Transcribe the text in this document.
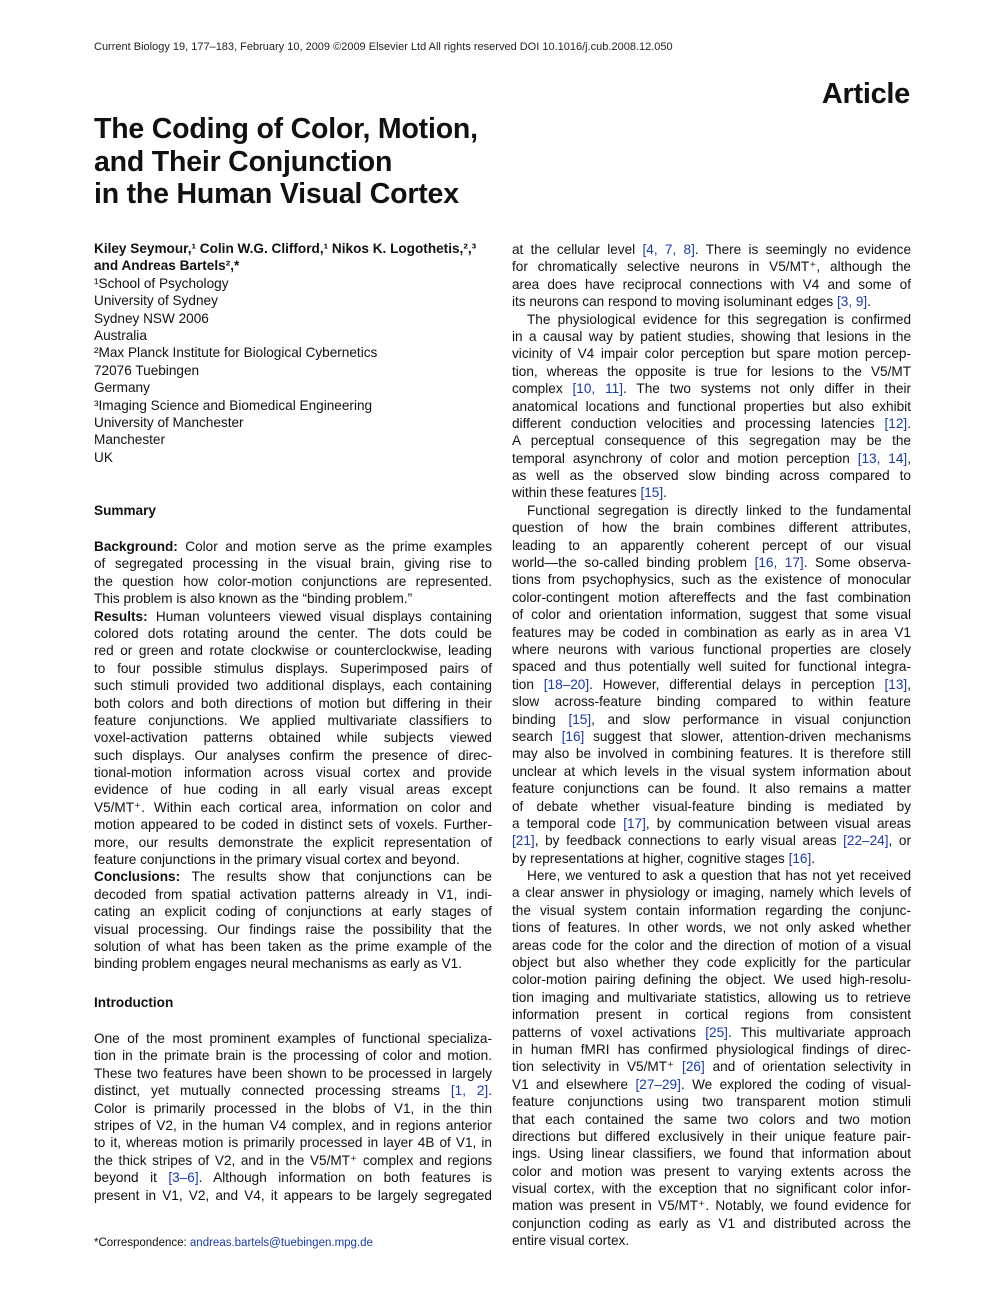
Current Biology 19, 177–183, February 10, 2009 ©2009 Elsevier Ltd All rights reserved DOI 10.1016/j.cub.2008.12.050
Article
The Coding of Color, Motion,
and Their Conjunction
in the Human Visual Cortex
Kiley Seymour,¹ Colin W.G. Clifford,¹ Nikos K. Logothetis,²,³
and Andreas Bartels²,*
¹School of Psychology
University of Sydney
Sydney NSW 2006
Australia
²Max Planck Institute for Biological Cybernetics
72076 Tuebingen
Germany
³Imaging Science and Biomedical Engineering
University of Manchester
Manchester
UK
Summary

Background: Color and motion serve as the prime examples

of segregated processing in the visual brain, giving rise to

the question how color-motion conjunctions are represented.

This problem is also known as the “binding problem.”

Results: Human volunteers viewed visual displays containing

colored dots rotating around the center. The dots could be

red or green and rotate clockwise or counterclockwise, leading

to four possible stimulus displays. Superimposed pairs of

such stimuli provided two additional displays, each containing

both colors and both directions of motion but differing in their

feature conjunctions. We applied multivariate classifiers to

voxel-activation patterns obtained while subjects viewed

such displays. Our analyses confirm the presence of direc-

tional-motion information across visual cortex and provide

evidence of hue coding in all early visual areas except

V5/MT⁺. Within each cortical area, information on color and

motion appeared to be coded in distinct sets of voxels. Further-

more, our results demonstrate the explicit representation of

feature conjunctions in the primary visual cortex and beyond.

Conclusions: The results show that conjunctions can be

decoded from spatial activation patterns already in V1, indi-

cating an explicit coding of conjunctions at early stages of

visual processing. Our findings raise the possibility that the

solution of what has been taken as the prime example of the

binding problem engages neural mechanisms as early as V1.

Introduction

One of the most prominent examples of functional specializa-

tion in the primate brain is the processing of color and motion.

These two features have been shown to be processed in largely

distinct, yet mutually connected processing streams [1, 2].

Color is primarily processed in the blobs of V1, in the thin

stripes of V2, in the human V4 complex, and in regions anterior

to it, whereas motion is primarily processed in layer 4B of V1, in

the thick stripes of V2, and in the V5/MT⁺ complex and regions

beyond it [3–6]. Although information on both features is

present in V1, V2, and V4, it appears to be largely segregated

at the cellular level [4, 7, 8]. There is seemingly no evidence

for chromatically selective neurons in V5/MT⁺, although the

area does have reciprocal connections with V4 and some of

its neurons can respond to moving isoluminant edges [3, 9].

The physiological evidence for this segregation is confirmed

in a causal way by patient studies, showing that lesions in the

vicinity of V4 impair color perception but spare motion percep-

tion, whereas the opposite is true for lesions to the V5/MT

complex [10, 11]. The two systems not only differ in their

anatomical locations and functional properties but also exhibit

different conduction velocities and processing latencies [12].

A perceptual consequence of this segregation may be the

temporal asynchrony of color and motion perception [13, 14],

as well as the observed slow binding across compared to

within these features [15].

Functional segregation is directly linked to the fundamental

question of how the brain combines different attributes,

leading to an apparently coherent percept of our visual

world—the so-called binding problem [16, 17]. Some observa-

tions from psychophysics, such as the existence of monocular

color-contingent motion aftereffects and the fast combination

of color and orientation information, suggest that some visual

features may be coded in combination as early as in area V1

where neurons with various functional properties are closely

spaced and thus potentially well suited for functional integra-

tion [18–20]. However, differential delays in perception [13],

slow across-feature binding compared to within feature

binding [15], and slow performance in visual conjunction

search [16] suggest that slower, attention-driven mechanisms

may also be involved in combining features. It is therefore still

unclear at which levels in the visual system information about

feature conjunctions can be found. It also remains a matter

of debate whether visual-feature binding is mediated by

a temporal code [17], by communication between visual areas

[21], by feedback connections to early visual areas [22–24], or

by representations at higher, cognitive stages [16].

Here, we ventured to ask a question that has not yet received

a clear answer in physiology or imaging, namely which levels of

the visual system contain information regarding the conjunc-

tions of features. In other words, we not only asked whether

areas code for the color and the direction of motion of a visual

object but also whether they code explicitly for the particular

color-motion pairing defining the object. We used high-resolu-

tion imaging and multivariate statistics, allowing us to retrieve

information present in cortical regions from consistent

patterns of voxel activations [25]. This multivariate approach

in human fMRI has confirmed physiological findings of direc-

tion selectivity in V5/MT⁺ [26] and of orientation selectivity in

V1 and elsewhere [27–29]. We explored the coding of visual-

feature conjunctions using two transparent motion stimuli

that each contained the same two colors and two motion

directions but differed exclusively in their unique feature pair-

ings. Using linear classifiers, we found that information about

color and motion was present to varying extents across the

visual cortex, with the exception that no significant color infor-

mation was present in V5/MT⁺. Notably, we found evidence for

conjunction coding as early as V1 and distributed across the

entire visual cortex.

*Correspondence: andreas.bartels@tuebingen.mpg.de
